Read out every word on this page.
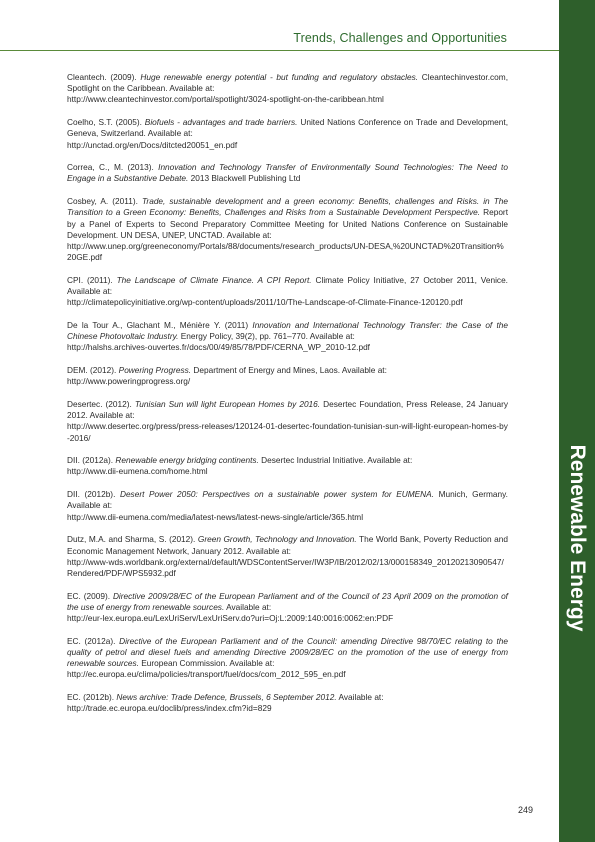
Trends, Challenges and Opportunities
Renewable Energy

Cleantech. (2009). Huge renewable energy potential - but funding and regulatory obstacles. Cleantechinvestor.com, Spotlight on the Caribbean. Available at:
http://www.cleantechinvestor.com/portal/spotlight/3024-spotlight-on-the-caribbean.html

Coelho, S.T. (2005). Biofuels - advantages and trade barriers. United Nations Conference on Trade and Development, Geneva, Switzerland. Available at:
http://unctad.org/en/Docs/ditcted20051_en.pdf

Correa, C., M. (2013). Innovation and Technology Transfer of Environmentally Sound Technologies: The Need to Engage in a Substantive Debate. 2013 Blackwell Publishing Ltd

Cosbey, A. (2011). Trade, sustainable development and a green economy: Benefits, challenges and Risks. in The Transition to a Green Economy: Benefits, Challenges and Risks from a Sustainable Development Perspective. Report by a Panel of Experts to Second Preparatory Committee Meeting for United Nations Conference on Sustainable Development. UN DESA, UNEP, UNCTAD. Available at:
http://www.unep.org/greeneconomy/Portals/88/documents/research_products/UN-DESA,%20UNCTAD%20Transition%20GE.pdf

CPI. (2011). The Landscape of Climate Finance. A CPI Report. Climate Policy Initiative, 27 October 2011, Venice. Available at:
http://climatepolicyinitiative.org/wp-content/uploads/2011/10/The-Landscape-of-Climate-Finance-120120.pdf

De la Tour A., Glachant M., Ménière Y. (2011) Innovation and International Technology Transfer: the Case of the Chinese Photovoltaic Industry. Energy Policy, 39(2), pp. 761–770. Available at:
http://halshs.archives-ouvertes.fr/docs/00/49/85/78/PDF/CERNA_WP_2010-12.pdf

DEM. (2012). Powering Progress. Department of Energy and Mines, Laos. Available at:
http://www.poweringprogress.org/

Desertec. (2012). Tunisian Sun will light European Homes by 2016. Desertec Foundation, Press Release, 24 January 2012. Available at:
http://www.desertec.org/press/press-releases/120124-01-desertec-foundation-tunisian-sun-will-light-european-homes-by-2016/

DII. (2012a). Renewable energy bridging continents. Desertec Industrial Initiative. Available at:
http://www.dii-eumena.com/home.html

DII. (2012b). Desert Power 2050: Perspectives on a sustainable power system for EUMENA. Munich, Germany. Available at:
http://www.dii-eumena.com/media/latest-news/latest-news-single/article/365.html

Dutz, M.A. and Sharma, S. (2012). Green Growth, Technology and Innovation. The World Bank, Poverty Reduction and Economic Management Network, January 2012. Available at:
http://www-wds.worldbank.org/external/default/WDSContentServer/IW3P/IB/2012/02/13/000158349_20120213090547/Rendered/PDF/WPS5932.pdf

EC. (2009). Directive 2009/28/EC of the European Parliament and of the Council of 23 April 2009 on the promotion of the use of energy from renewable sources. Available at:
http://eur-lex.europa.eu/LexUriServ/LexUriServ.do?uri=Oj:L:2009:140:0016:0062:en:PDF

EC. (2012a). Directive of the European Parliament and of the Council: amending Directive 98/70/EC relating to the quality of petrol and diesel fuels and amending Directive 2009/28/EC on the promotion of the use of energy from renewable sources. European Commission. Available at:
http://ec.europa.eu/clima/policies/transport/fuel/docs/com_2012_595_en.pdf

EC. (2012b). News archive: Trade Defence, Brussels, 6 September 2012. Available at:
http://trade.ec.europa.eu/doclib/press/index.cfm?id=829

249
